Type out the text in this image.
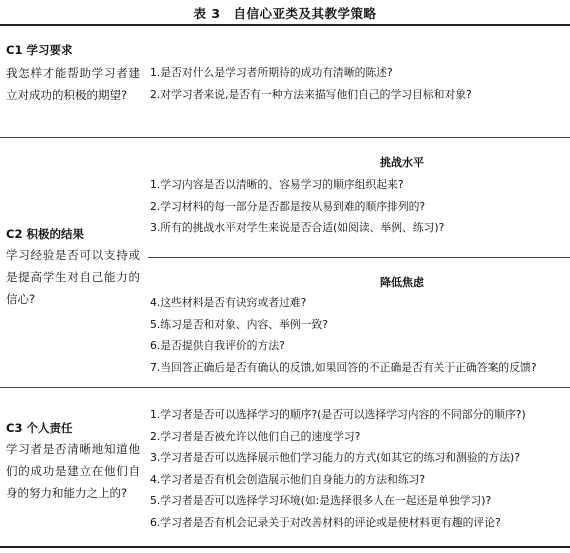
表 3　自信心亚类及其教学策略
C1 学习要求
我怎样才能帮助学习者建立对成功的积极的期望?
1.是否对什么是学习者所期待的成功有清晰的陈述?
2.对学习者来说,是否有一种方法来描写他们自己的学习目标和对象?
挑战水平
1.学习内容是否以清晰的、容易学习的顺序组织起来?
2.学习材料的每一部分是否都是按从易到难的顺序排列的?
3.所有的挑战水平对学生来说是否合适(如阅读、举例、练习)?
C2 积极的结果
学习经验是否可以支持或是提高学生对自己能力的信心?
降低焦虑
4.这些材料是否有诀窍或者过难?
5.练习是否和对象、内容、举例一致?
6.是否提供自我评价的方法?
7.当回答正确后是否有确认的反馈,如果回答的不正确是否有关于正确答案的反馈?
C3 个人责任
学习者是否清晰地知道他们的成功是建立在他们自身的努力和能力之上的?
1.学习者是否可以选择学习的顺序?(是否可以选择学习内容的不同部分的顺序?)
2.学习者是否被允许以他们自己的速度学习?
3.学习者是否可以选择展示他们学习能力的方式(如其它的练习和测验的方法)?
4.学习者是否有机会创造展示他们自身能力的方法和练习?
5.学习者是否可以选择学习环境(如:是选择很多人在一起还是单独学习)?
6.学习者是否有机会记录关于对改善材料的评论或是使材料更有趣的评论?
